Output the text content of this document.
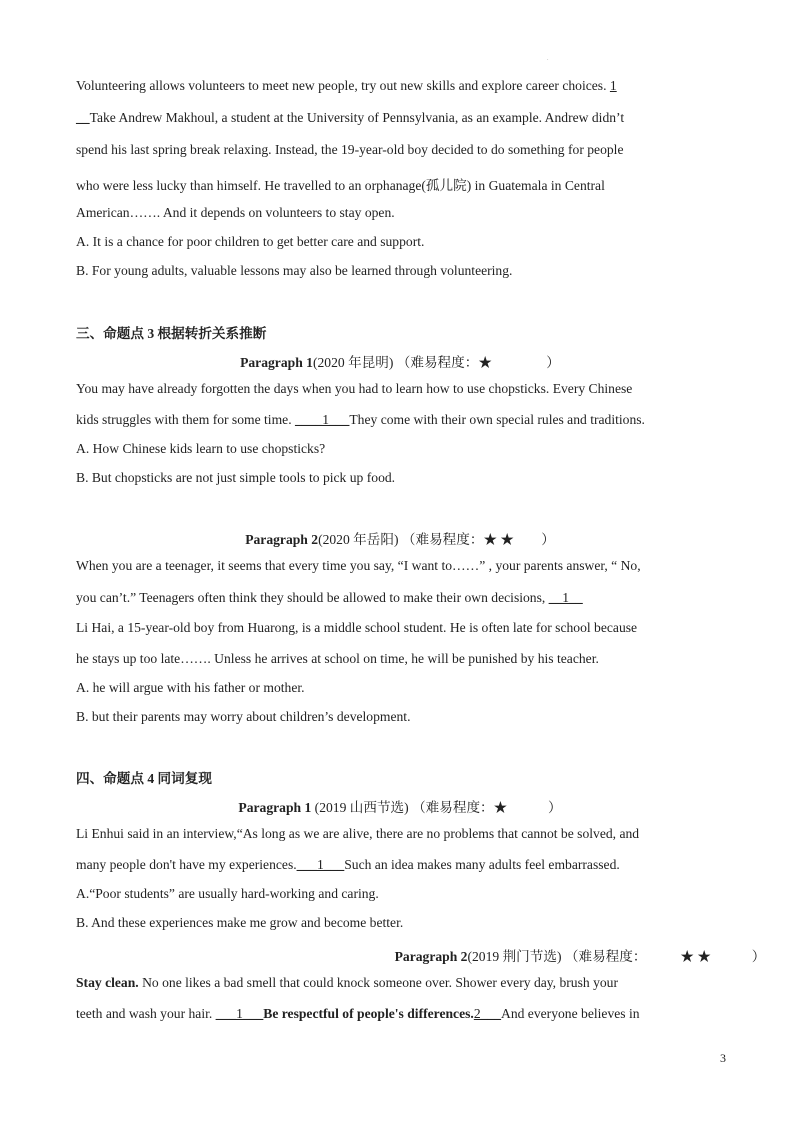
.
Volunteering allows volunteers to meet new people, try out new skills and explore career choices. 1
__Take Andrew Makhoul, a student at the University of Pennsylvania, as an example. Andrew didn’t
spend his last spring break relaxing. Instead, the 19-year-old boy decided to do something for people
who were less lucky than himself. He travelled to an orphanage(孤儿院) in Guatemala in Central
American……. And it depends on volunteers to stay open.
A. It is a chance for poor children to get better care and support.
B. For young adults, valuable lessons may also be learned through volunteering.
三、命题点 3 根据转折关系推断
Paragraph 1(2020 年昆明) （难易程度：★　　　　）
You may have already forgotten the days when you had to learn how to use chopsticks. Every Chinese
kids struggles with them for some time. ____1___They come with their own special rules and traditions.
A. How Chinese kids learn to use chopsticks?
B. But chopsticks are not just simple tools to pick up food.
Paragraph 2(2020 年岳阳) （难易程度：★ ★　　）
When you are a teenager, it seems that every time you say, “I want to……” , your parents answer, “ No,
you can’t.” Teenagers often think they should be allowed to make their own decisions, __1__
Li Hai, a 15-year-old boy from Huarong, is a middle school student. He is often late for school because
he stays up too late……. Unless he arrives at school on time, he will be punished by his teacher.
A. he will argue with his father or mother.
B. but their parents may worry about children’s development.
四、命题点 4 同词复现
Paragraph 1 (2019 山西节选) （难易程度：★　　　）
Li Enhui said in an interview,“As long as we are alive, there are no problems that cannot be solved, and
many people don't have my experiences.___1___Such an idea makes many adults feel embarrassed.
A.“Poor students” are usually hard-working and caring.
B. And these experiences make me grow and become better.
Paragraph 2(2019 荆门节选) （难易程度：　　　★ ★　　　）
Stay clean. No one likes a bad smell that could knock someone over. Shower every day, brush your
teeth and wash your hair. ___1___Be respectful of people's differences.2___And everyone believes in
3
